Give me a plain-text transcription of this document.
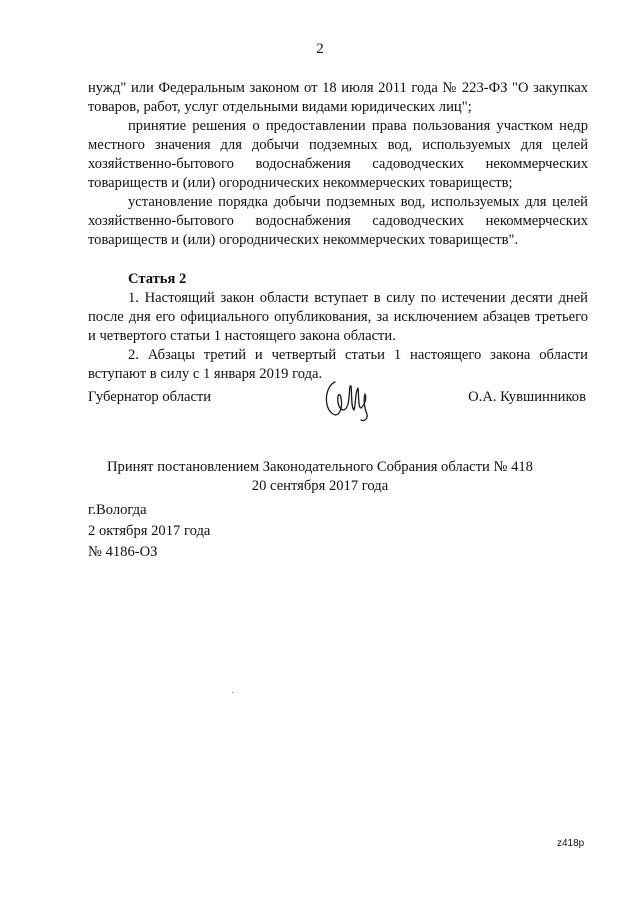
2

нужд" или Федеральным законом от 18 июля 2011 года № 223-ФЗ "О закупках товаров, работ, услуг отдельными видами юридических лиц";

принятие решения о предоставлении права пользования участком недр местного значения для добычи подземных вод, используемых для целей хозяйственно-бытового водоснабжения садоводческих некоммерческих товариществ и (или) огороднических некоммерческих товариществ;

установление порядка добычи подземных вод, используемых для целей хозяйственно-бытового водоснабжения садоводческих некоммерческих товариществ и (или) огороднических некоммерческих товариществ".

Статья 2

1. Настоящий закон области вступает в силу по истечении десяти дней после дня его официального опубликования, за исключением абзацев третьего и четвертого статьи 1 настоящего закона области.

2. Абзацы третий и четвертый статьи 1 настоящего закона области вступают в силу с 1 января 2019 года.

Губернатор области	О.А. Кувшинников
Принят постановлением Законодательного Собрания области № 418
20 сентября 2017 года
г.Вологда
2 октября 2017 года
№ 4186-ОЗ
z418p
